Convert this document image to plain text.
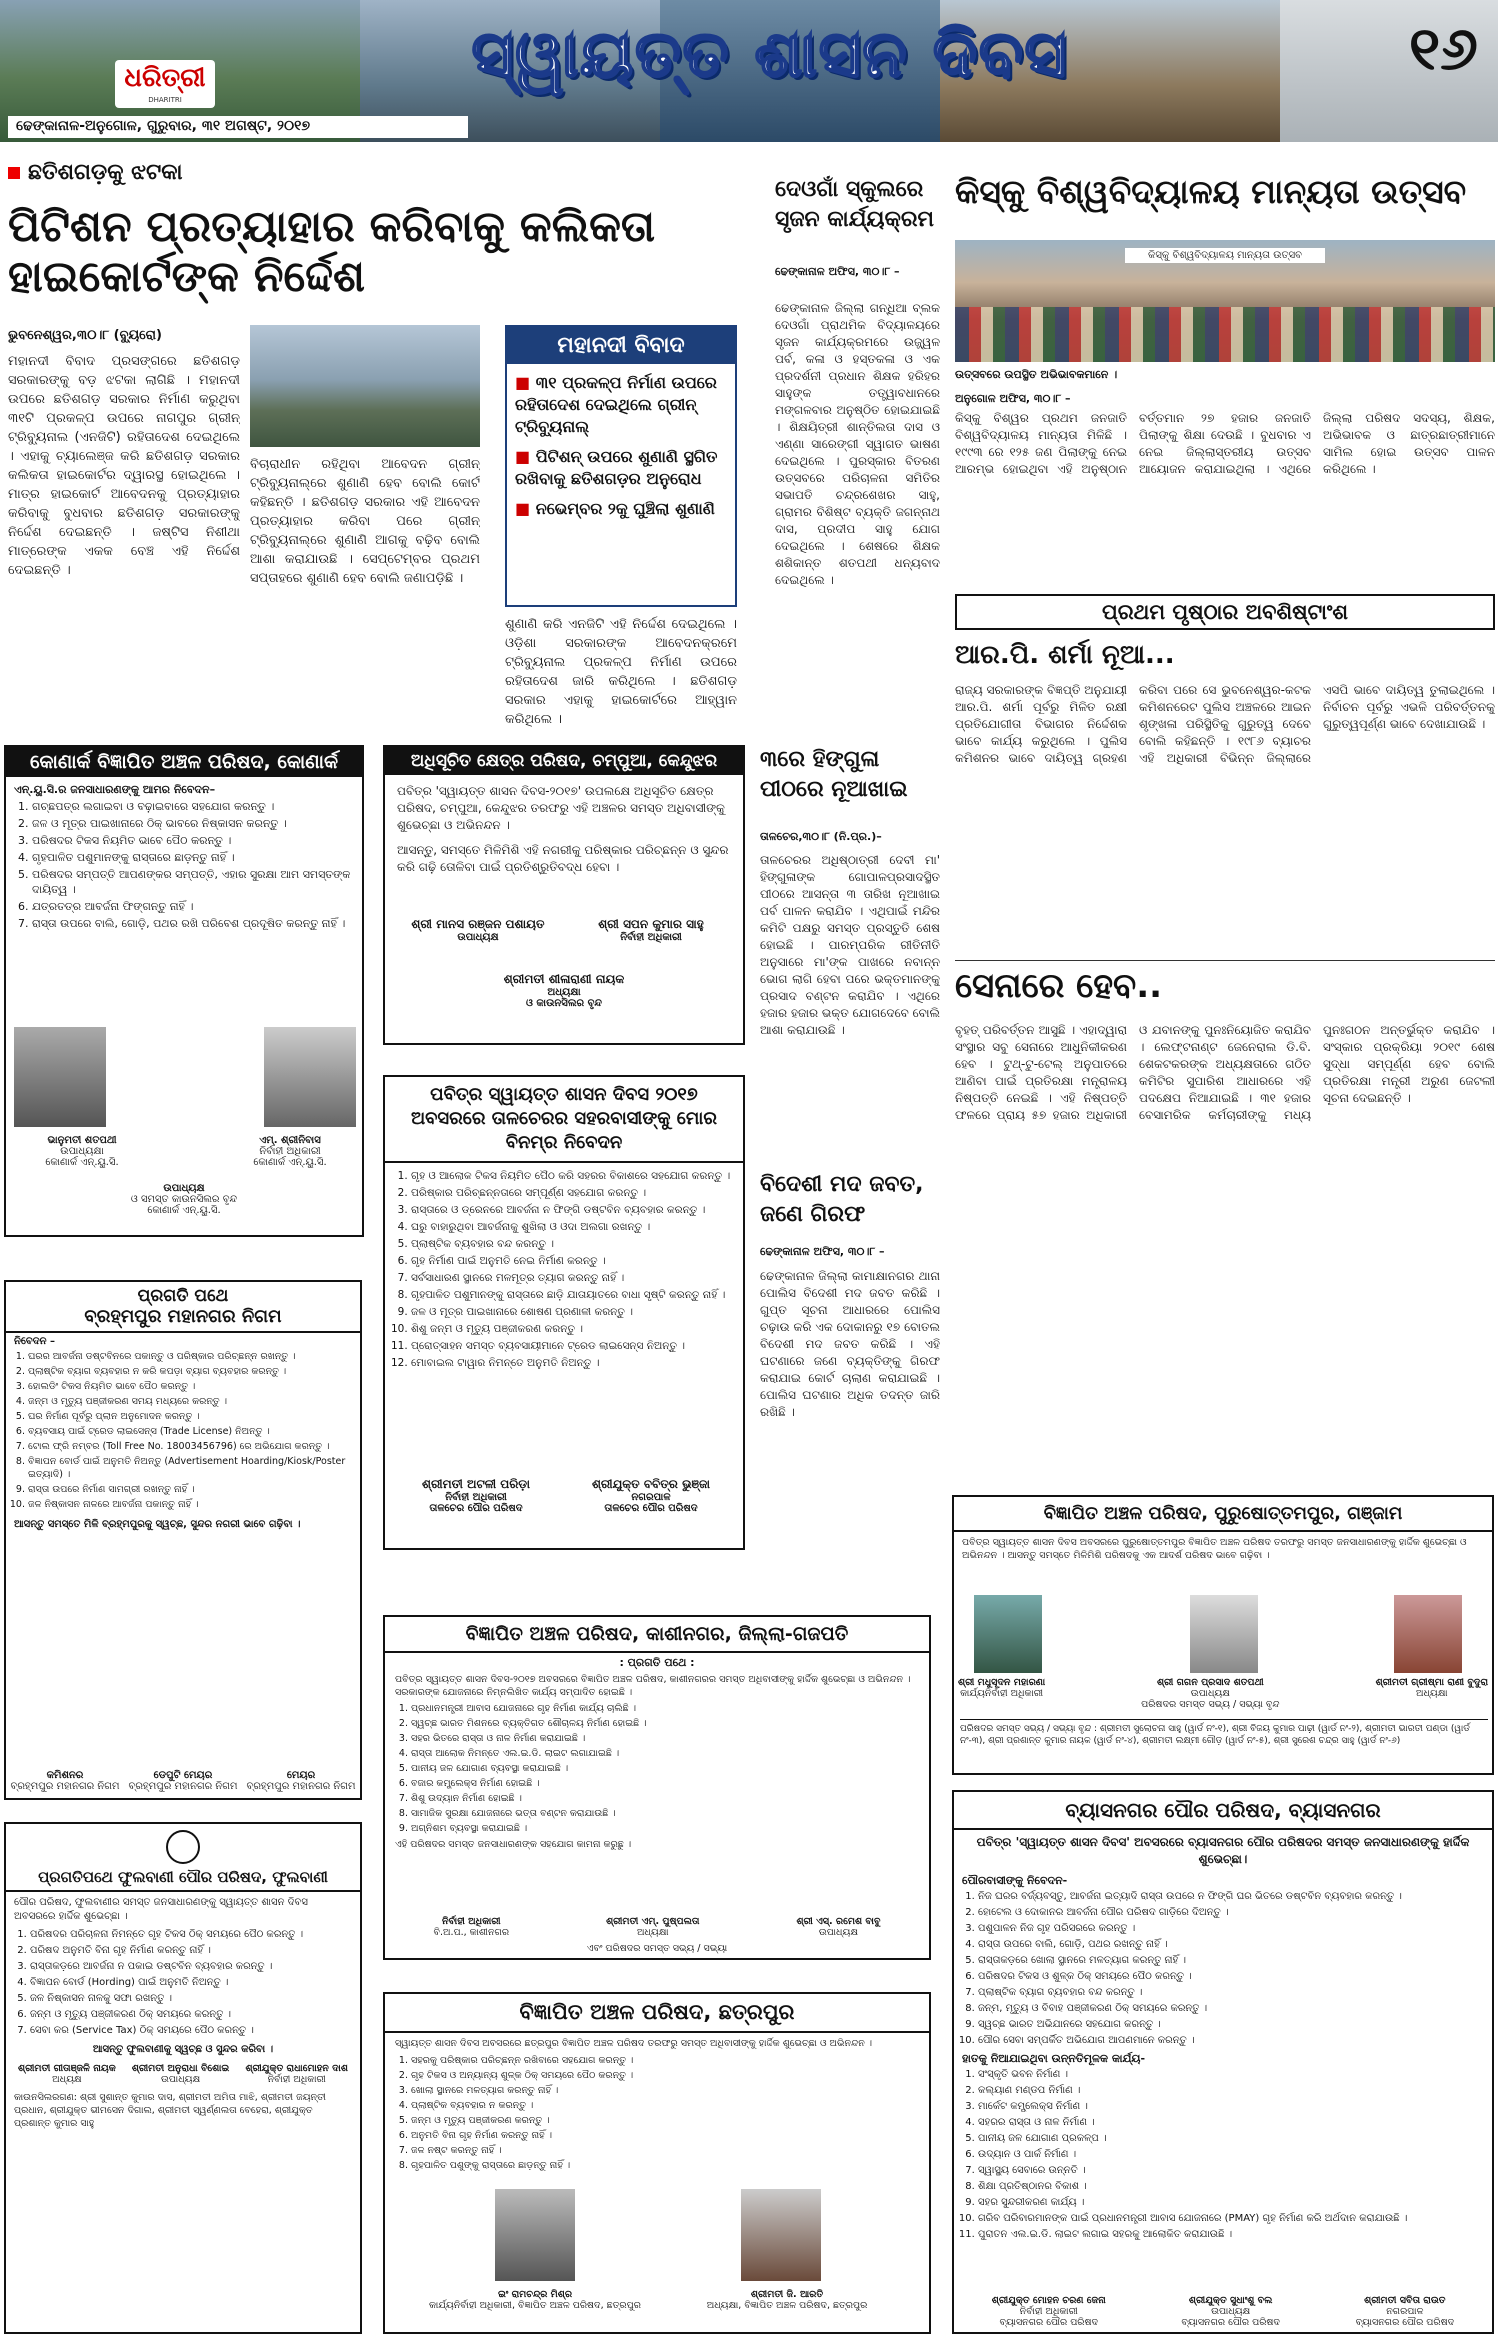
ଧରିତ୍ରୀ
DHARITRI
ସ୍ୱାୟତ୍ତ ଶାସନ ଦିବସ	୧୬
ଢେଙ୍କାନାଳ-ଅନୁଗୋଳ, ଗୁରୁବାର, ୩୧ ଅଗଷ୍ଟ, ୨୦୧୭
ଛତିଶଗଡ଼କୁ ଝଟକା
ପିଟିଶନ ପ୍ରତ୍ୟାହାର କରିବାକୁ କଲିକତା ହାଇକୋର୍ଟଙ୍କ ନିର୍ଦ୍ଦେଶ
ଭୁବନେଶ୍ୱର,୩୦।୮ (ବ୍ୟୁରୋ)
ମହାନଦୀ ବିବାଦ ପ୍ରସଙ୍ଗରେ ଛତିଶଗଡ଼ ସରକାରଙ୍କୁ ବଡ଼ ଝଟକା ଲାଗିଛି । ମହାନଦୀ ଉପରେ ଛତିଶଗଡ଼ ସରକାର ନିର୍ମାଣ କରୁଥିବା ୩୧ଟି ପ୍ରକଳ୍ପ ଉପରେ ନାଗପୁର ଗ୍ରୀନ୍ ଟ୍ରିବ୍ୟୁନାଲ (ଏନଜିଟି) ରହିତାଦେଶ ଦେଇଥିଲେ । ଏହାକୁ ଚ୍ୟାଲେଞ୍ଜ କରି ଛତିଶଗଡ଼ ସରକାର କଲିକତା ହାଇକୋର୍ଟର ଦ୍ୱାରସ୍ଥ ହୋଇଥିଲେ । ମାତ୍ର ହାଇକୋର୍ଟ ଆବେଦନକୁ ପ୍ରତ୍ୟାହାର କରିବାକୁ ବୁଧବାର ଛତିଶଗଡ଼ ସରକାରଙ୍କୁ ନିର୍ଦ୍ଦେଶ ଦେଇଛନ୍ତି । ଜଷ୍ଟିସ ନିଶୀଥା ମାତ୍ରେଙ୍କ ଏକକ ବେଞ୍ଚ ଏହି ନିର୍ଦ୍ଦେଶ ଦେଇଛନ୍ତି ।
ବିଚାରାଧୀନ ରହିଥିବା ଆବେଦନ ଗ୍ରୀନ୍ ଟ୍ରିବ୍ୟୁନାଲ୍‌ରେ ଶୁଣାଣି ହେବ ବୋଲି କୋର୍ଟ କହିଛନ୍ତି । ଛତିଶଗଡ଼ ସରକାର ଏହି ଆବେଦନ ପ୍ରତ୍ୟାହାର କରିବା ପରେ ଗ୍ରୀନ୍ ଟ୍ରିବ୍ୟୁନାଲ୍‌ରେ ଶୁଣାଣି ଆଗକୁ ବଢ଼ିବ ବୋଲି ଆଶା କରାଯାଉଛି । ସେପ୍ଟେମ୍ବର ପ୍ରଥମ ସପ୍ତାହରେ ଶୁଣାଣି ହେବ ବୋଲି ଜଣାପଡ଼ିଛି ।
ମହାନଦୀ ବିବାଦ
■ ୩୧ ପ୍ରକଳ୍ପ ନିର୍ମାଣ ଉପରେ ରହିତାଦେଶ ଦେଇଥିଲେ ଗ୍ରୀନ୍ ଟ୍ରିବ୍ୟୁନାଲ୍
■ ପିଟିଶନ୍ ଉପରେ ଶୁଣାଣି ସ୍ଥଗିତ ରଖିବାକୁ ଛତିଶଗଡ଼ର ଅନୁରୋଧ
■ ନଭେମ୍ବର ୨କୁ ଘୁଞ୍ଚିଲା ଶୁଣାଣି
ଶୁଣାଣି କରି ଏନଜିଟି ଏହି ନିର୍ଦ୍ଦେଶ ଦେଇଥିଲେ । ଓଡ଼ିଶା ସରକାରଙ୍କ ଆବେଦନକ୍ରମେ ଟ୍ରିବ୍ୟୁନାଲ ପ୍ରକଳ୍ପ ନିର୍ମାଣ ଉପରେ ରହିତାଦେଶ ଜାରି କରିଥିଲେ । ଛତିଶଗଡ଼ ସରକାର ଏହାକୁ ହାଇକୋର୍ଟରେ ଆହ୍ୱାନ କରିଥିଲେ ।
ଦେଓଗାଁ ସ୍କୁଲରେ ସୃଜନ କାର୍ଯ୍ୟକ୍ରମ
ଢେଙ୍କାନାଳ ଅଫିସ, ୩୦।୮ –
ଢେଙ୍କାନାଳ ଜିଲ୍ଲା ଗନ୍ଧିଆ ବ୍ଲକ ଦେଓଗାଁ ପ୍ରାଥମିକ ବିଦ୍ୟାଳୟରେ ସୃଜନ କାର୍ଯ୍ୟକ୍ରମରେ ଉଜ୍ଜ୍ୱଳ ପର୍ବ, କଳା ଓ ହସ୍ତକଳା ଓ ଏକ ପ୍ରଦର୍ଶନୀ ପ୍ରଧାନ ଶିକ୍ଷକ ହରିହର ସାହୁଙ୍କ ତତ୍ତ୍ୱାବଧାନରେ ମଙ୍ଗଳବାର ଅନୁଷ୍ଠିତ ହୋଇଯାଇଛି । ଶିକ୍ଷୟିତ୍ରୀ ଶାନ୍ତିଲତା ଦାସ ଓ ଏଣ୍ଣା ସାରେଙ୍ଗୀ ସ୍ୱାଗତ ଭାଷଣ ଦେଇଥିଲେ । ପୁରସ୍କାର ବିତରଣ ଉତ୍ସବରେ ପରିଚାଳନା ସମିତିର ସଭାପତି ଚନ୍ଦ୍ରଶେଖର ସାହୁ, ଗ୍ରାମର ବିଶିଷ୍ଟ ବ୍ୟକ୍ତି ଜଗନ୍ନାଥ ଦାସ, ପ୍ରଦୀପ ସାହୁ ଯୋଗ ଦେଇଥିଲେ । ଶେଷରେ ଶିକ୍ଷକ ଶଶିକାନ୍ତ ଶତପଥୀ ଧନ୍ୟବାଦ ଦେଇଥିଲେ ।
କିସ୍‌କୁ ବିଶ୍ୱବିଦ୍ୟାଳୟ ମାନ୍ୟତା ଉତ୍ସବ
କିସ୍‌କୁ ବିଶ୍ୱବିଦ୍ୟାଳୟ ମାନ୍ୟତା ଉତ୍ସବ
ଉତ୍ସବରେ ଉପସ୍ଥିତ ଅଭିଭାବକମାନେ ।
ଅନୁଗୋଳ ଅଫିସ, ୩୦।୮ –
କିସ୍‌କୁ ବିଶ୍ୱର ପ୍ରଥମ ଜନଜାତି ବିଶ୍ୱବିଦ୍ୟାଳୟ ମାନ୍ୟତା ମିଳିଛି । ୧୯୯୩ ରେ ୧୨୫ ଜଣ ପିଲାଙ୍କୁ ନେଇ ଆରମ୍ଭ ହୋଇଥିବା ଏହି ଅନୁଷ୍ଠାନ ବର୍ତ୍ତମାନ ୨୭ ହଜାର ଜନଜାତି ପିଲାଙ୍କୁ ଶିକ୍ଷା ଦେଉଛି । ବୁଧବାର ଏ ନେଇ ଜିଲ୍ଲାସ୍ତରୀୟ ଉତ୍ସବ ଆୟୋଜନ କରାଯାଇଥିଲା । ଏଥିରେ ଜିଲ୍ଲା ପରିଷଦ ସଦସ୍ୟ, ଶିକ୍ଷକ, ଅଭିଭାବକ ଓ ଛାତ୍ରଛାତ୍ରୀମାନେ ସାମିଲ ହୋଇ ଉତ୍ସବ ପାଳନ କରିଥିଲେ ।
ପ୍ରଥମ ପୃଷ୍ଠାର ଅବଶିଷ୍ଟାଂଶ
ଆର.ପି. ଶର୍ମା ନୂଆ...
ରାଜ୍ୟ ସରକାରଙ୍କ ବିଜ୍ଞପ୍ତି ଅନୁଯାୟୀ ଆର.ପି. ଶର୍ମା ପୂର୍ବରୁ ମିଳିତ ରକ୍ଷୀ ପ୍ରତିଯୋଗୀତା ବିଭାଗର ନିର୍ଦ୍ଦେଶକ ଭାବେ କାର୍ଯ୍ୟ କରୁଥିଲେ । ପୁଲିସ କମିଶନର ଭାବେ ଦାୟିତ୍ୱ ଗ୍ରହଣ କରିବା ପରେ ସେ ଭୁବନେଶ୍ୱର-କଟକ କମିଶନରେଟ ପୁଲିସ ଅଞ୍ଚଳରେ ଆଇନ ଶୃଙ୍ଖଳା ପରିସ୍ଥିତିକୁ ଗୁରୁତ୍ୱ ଦେବେ ବୋଲି କହିଛନ୍ତି । ୧୯୮୬ ବ୍ୟାଚର ଏହି ଅଧିକାରୀ ବିଭିନ୍ନ ଜିଲ୍ଲାରେ ଏସପି ଭାବେ ଦାୟିତ୍ୱ ତୁଲାଇଥିଲେ । ନିର୍ବାଚନ ପୂର୍ବରୁ ଏଭଳି ପରିବର୍ତ୍ତନକୁ ଗୁରୁତ୍ୱପୂର୍ଣ୍ଣ ଭାବେ ଦେଖାଯାଉଛି ।
ସେନାରେ ହେବ..
ବୃହତ୍ ପରିବର୍ତ୍ତନ ଆସୁଛି । ଏହାଦ୍ୱାରା ସଂସ୍ଥାର ସବୁ ସେନାରେ ଆଧୁନିକୀକରଣ ହେବ । ଟୁଥ୍-ଟୁ-ଟେଲ୍ ଅନୁପାତରେ ଆଣିବା ପାଇଁ ପ୍ରତିରକ୍ଷା ମନ୍ତ୍ରାଳୟ ନିଷ୍ପତ୍ତି ନେଇଛି । ଏହି ନିଷ୍ପତ୍ତି ଫଳରେ ପ୍ରାୟ ୫୭ ହଜାର ଅଧିକାରୀ ଓ ଯବାନଙ୍କୁ ପୁନଃନିୟୋଜିତ କରାଯିବ । ଲେଫ୍ଟନାଣ୍ଟ ଜେନେରାଲ ଡି.ବି. ଶେକଟକରଙ୍କ ଅଧ୍ୟକ୍ଷତାରେ ଗଠିତ କମିଟିର ସୁପାରିଶ ଆଧାରରେ ଏହି ପଦକ୍ଷେପ ନିଆଯାଇଛି । ୩୧ ହଜାର ବେସାମରିକ କର୍ମଚାରୀଙ୍କୁ ମଧ୍ୟ ପୁନଃଗଠନ ଅନ୍ତର୍ଭୁକ୍ତ କରାଯିବ । ସଂସ୍କାର ପ୍ରକ୍ରିୟା ୨୦୧୯ ଶେଷ ସୁଦ୍ଧା ସମ୍ପୂର୍ଣ୍ଣ ହେବ ବୋଲି ପ୍ରତିରକ୍ଷା ମନ୍ତ୍ରୀ ଅରୁଣ ଜେଟଲୀ ସୂଚନା ଦେଇଛନ୍ତି ।
କୋଣାର୍କ ବିଜ୍ଞାପିତ ଅଞ୍ଚଳ ପରିଷଦ, କୋଣାର୍କ
ଏନ୍.ୟୁ.ସି.ର ଜନସାଧାରଣଙ୍କୁ ଆମର ନିବେଦନ–
1. ଗଚ୍ଛପତ୍ର ଲଗାଇବା ଓ ବଢ଼ାଇବାରେ ସହଯୋଗ କରନ୍ତୁ ।
2. ଜଳ ଓ ମୂତ୍ର ପାଇଖାନାରେ ଠିକ୍ ଭାବରେ ନିଷ୍କାସନ କରନ୍ତୁ ।
3. ପରିଷଦର ଟିକସ ନିୟମିତ ଭାବେ ପୈଠ କରନ୍ତୁ ।
4. ଗୃହପାଳିତ ପଶୁମାନଙ୍କୁ ରାସ୍ତାରେ ଛାଡ଼ନ୍ତୁ ନାହିଁ ।
5. ପରିଷଦର ସମ୍ପତ୍ତି ଆପଣଙ୍କର ସମ୍ପତ୍ତି, ଏହାର ସୁରକ୍ଷା ଆମ ସମସ୍ତଙ୍କ ଦାୟିତ୍ୱ ।
6. ଯତ୍ରତତ୍ର ଆବର୍ଜନା ଫିଙ୍ଗନ୍ତୁ ନାହିଁ ।
7. ରାସ୍ତା ଉପରେ ବାଲି, ଗୋଡ଼ି, ପଥର ରଖି ପରିବେଶ ପ୍ରଦୂଷିତ କରନ୍ତୁ ନାହିଁ ।
ଭାନୁମତୀ ଶତପଥୀ
ଉପାଧ୍ୟକ୍ଷା
କୋଣାର୍କ ଏନ୍.ୟୁ.ସି.
ଏମ୍. ଶ୍ରୀନିବାସ
ନିର୍ବାହୀ ଅଧିକାରୀ
କୋଣାର୍କ ଏନ୍.ୟୁ.ସି.
ଉପାଧ୍ୟକ୍ଷ
ଓ ସମସ୍ତ କାଉନସିଲର ବୃନ୍ଦ
କୋଣାର୍କ ଏନ୍.ୟୁ.ସି.
ଅଧିସୂଚିତ କ୍ଷେତ୍ର ପରିଷଦ, ଚମ୍ପୁଆ, କେନ୍ଦୁଝର
ପବିତ୍ର 'ସ୍ୱାୟତ୍ତ ଶାସନ ଦିବସ-୨୦୧୭' ଉପଲକ୍ଷେ ଅଧିସୂଚିତ କ୍ଷେତ୍ର ପରିଷଦ, ଚମ୍ପୁଆ, କେନ୍ଦୁଝର ତରଫରୁ ଏହି ଅଞ୍ଚଳର ସମସ୍ତ ଅଧିବାସୀଙ୍କୁ ଶୁଭେଚ୍ଛା ଓ ଅଭିନନ୍ଦନ ।
ଆସନ୍ତୁ, ସମସ୍ତେ ମିଳିମିଶି ଏହି ନଗରୀକୁ ପରିଷ୍କାର ପରିଚ୍ଛନ୍ନ ଓ ସୁନ୍ଦର କରି ଗଢ଼ି ତୋଳିବା ପାଇଁ ପ୍ରତିଶ୍ରୁତିବଦ୍ଧ ହେବା ।
ଶ୍ରୀ ମାନସ ରଞ୍ଜନ ପଶାୟତ
ଉପାଧ୍ୟକ୍ଷ
ଶ୍ରୀ ସପନ କୁମାର ସାହୁ
ନିର୍ବାହୀ ଅଧିକାରୀ
ଶ୍ରୀମତୀ ଶୀଳାରାଣୀ ନାୟକ
ଅଧ୍ୟକ୍ଷା
ଓ କାଉନସିଲର ବୃନ୍ଦ
ପବିତ୍ର ସ୍ୱାୟତ୍ତ ଶାସନ ଦିବସ ୨୦୧୭ ଅବସରରେ ତାଳଚେରର ସହରବାସୀଙ୍କୁ ମୋର ବିନମ୍ର ନିବେଦନ
1. ଗୃହ ଓ ଆଲୋକ ଟିକସ ନିୟମିତ ପୈଠ କରି ସହରର ବିକାଶରେ ସହଯୋଗ କରନ୍ତୁ ।
2. ପରିଷ୍କାର ପରିଚ୍ଛନ୍ନତାରେ ସମ୍ପୂର୍ଣ୍ଣ ସହଯୋଗ କରନ୍ତୁ ।
3. ରାସ୍ତାରେ ଓ ଡ୍ରେନରେ ଆବର୍ଜନା ନ ଫିଙ୍ଗି ଡଷ୍ଟବିନ ବ୍ୟବହାର କରନ୍ତୁ ।
4. ଘରୁ ବାହାରୁଥିବା ଆବର୍ଜନାକୁ ଶୁଖିଲା ଓ ଓଦା ଅଲଗା ରଖନ୍ତୁ ।
5. ପ୍ଲାଷ୍ଟିକ ବ୍ୟବହାର ବନ୍ଦ କରନ୍ତୁ ।
6. ଗୃହ ନିର୍ମାଣ ପାଇଁ ଅନୁମତି ନେଇ ନିର୍ମାଣ କରନ୍ତୁ ।
7. ସର୍ବସାଧାରଣ ସ୍ଥାନରେ ମଳମୂତ୍ର ତ୍ୟାଗ କରନ୍ତୁ ନାହିଁ ।
8. ଗୃହପାଳିତ ପଶୁମାନଙ୍କୁ ରାସ୍ତାରେ ଛାଡ଼ି ଯାତାୟାତରେ ବାଧା ସୃଷ୍ଟି କରନ୍ତୁ ନାହିଁ ।
9. ଜଳ ଓ ମୂତ୍ର ପାଇଖାନାରେ ଶୋଷଣ ପ୍ରଣାଳୀ କରନ୍ତୁ ।
10. ଶିଶୁ ଜନ୍ମ ଓ ମୃତ୍ୟୁ ପଞ୍ଜୀକରଣ କରନ୍ତୁ ।
11. ପ୍ରୋତ୍ସାହନ ସମସ୍ତ ବ୍ୟବସାୟୀମାନେ ଟ୍ରେଡ ଲାଇସେନ୍ସ ନିଅନ୍ତୁ ।
12. ମୋବାଇଲ ଟାୱାର ନିମନ୍ତେ ଅନୁମତି ନିଅନ୍ତୁ ।
ଶ୍ରୀମତୀ ଅଟଳୀ ପରିଡ଼ା
ନିର୍ବାହୀ ଅଧିକାରୀ
ତାଳଚେର ପୌର ପରିଷଦ
ଶ୍ରୀଯୁକ୍ତ ବବିତ୍ର ଭୁଞ୍ଜା
ନଗରପାଳ
ତାଳଚେର ପୌର ପରିଷଦ
୩ରେ ହିଙ୍ଗୁଳା ପୀଠରେ ନୂଆଖାଇ
ତାଳଚେର,୩୦।୮ (ନି.ପ୍ର.)–
ତାଳଚେରର ଅଧିଷ୍ଠାତ୍ରୀ ଦେବୀ ମା' ହିଙ୍ଗୁଳାଙ୍କ ଗୋପାଳପ୍ରସାଦସ୍ଥିତ ପୀଠରେ ଆସନ୍ତା ୩ ତାରିଖ ନୂଆଖାଇ ପର୍ବ ପାଳନ କରାଯିବ । ଏଥିପାଇଁ ମନ୍ଦିର କମିଟି ପକ୍ଷରୁ ସମସ୍ତ ପ୍ରସ୍ତୁତି ଶେଷ ହୋଇଛି । ପାରମ୍ପରିକ ରୀତିନୀତି ଅନୁସାରେ ମା'ଙ୍କ ପାଖରେ ନବାନ୍ନ ଭୋଗ ଲାଗି ହେବା ପରେ ଭକ୍ତମାନଙ୍କୁ ପ୍ରସାଦ ବଣ୍ଟନ କରାଯିବ । ଏଥିରେ ହଜାର ହଜାର ଭକ୍ତ ଯୋଗଦେବେ ବୋଲି ଆଶା କରାଯାଉଛି ।
ବିଦେଶୀ ମଦ ଜବତ, ଜଣେ ଗିରଫ
ଢେଙ୍କାନାଳ ଅଫିସ, ୩୦।୮ –
ଢେଙ୍କାନାଳ ଜିଲ୍ଲା କାମାକ୍ଷାନଗର ଥାନା ପୋଲିସ ବିଦେଶୀ ମଦ ଜବତ କରିଛି । ଗୁପ୍ତ ସୂଚନା ଆଧାରରେ ପୋଲିସ ଚଢ଼ାଉ କରି ଏକ ଦୋକାନରୁ ୧୭ ବୋତଲ ବିଦେଶୀ ମଦ ଜବତ କରିଛି । ଏହି ଘଟଣାରେ ଜଣେ ବ୍ୟକ୍ତିଙ୍କୁ ଗିରଫ କରାଯାଇ କୋର୍ଟ ଚାଲାଣ କରାଯାଇଛି । ପୋଲିସ ଘଟଣାର ଅଧିକ ତଦନ୍ତ ଜାରି ରଖିଛି ।
ପ୍ରଗତି ପଥେ
ବ୍ରହ୍ମପୁର ମହାନଗର ନିଗମ
ନିବେଦନ –
1. ଘରର ଆବର୍ଜନା ଡଷ୍ଟବିନରେ ପକାନ୍ତୁ ଓ ପରିଷ୍କାର ପରିଚ୍ଛନ୍ନ ରଖନ୍ତୁ ।
2. ପ୍ଲାଷ୍ଟିକ ବ୍ୟାଗ ବ୍ୟବହାର ନ କରି କପଡ଼ା ବ୍ୟାଗ ବ୍ୟବହାର କରନ୍ତୁ ।
3. ହୋଲଡିଂ ଟିକସ ନିୟମିତ ଭାବେ ପୈଠ କରନ୍ତୁ ।
4. ଜନ୍ମ ଓ ମୃତ୍ୟୁ ପଞ୍ଜୀକରଣ ସମୟ ମଧ୍ୟରେ କରନ୍ତୁ ।
5. ଘର ନିର୍ମାଣ ପୂର୍ବରୁ ପ୍ଲାନ ଅନୁମୋଦନ କରନ୍ତୁ ।
6. ବ୍ୟବସାୟ ପାଇଁ ଟ୍ରେଡ ଲାଇସେନ୍ସ (Trade License) ନିଅନ୍ତୁ ।
7. ଟୋଲ ଫ୍ରି ନମ୍ବର (Toll Free No. 18003456796) ରେ ଅଭିଯୋଗ କରନ୍ତୁ ।
8. ବିଜ୍ଞାପନ ବୋର୍ଡ ପାଇଁ ଅନୁମତି ନିଅନ୍ତୁ (Advertisement Hoarding/Kiosk/Poster ଇତ୍ୟାଦି) ।
9. ରାସ୍ତା ଉପରେ ନିର୍ମାଣ ସାମଗ୍ରୀ ରଖନ୍ତୁ ନାହିଁ ।
10. ଜଳ ନିଷ୍କାସନ ନାଳରେ ଆବର୍ଜନା ପକାନ୍ତୁ ନାହିଁ ।
ଆସନ୍ତୁ ସମସ୍ତେ ମିଳି ବ୍ରହ୍ମପୁରକୁ ସ୍ୱଚ୍ଛ, ସୁନ୍ଦର ନଗରୀ ଭାବେ ଗଢ଼ିବା ।
କମିଶନର
ବ୍ରହ୍ମପୁର ମହାନଗର ନିଗମ
ଡେପୁଟି ମେୟର
ବ୍ରହ୍ମପୁର ମହାନଗର ନିଗମ
ମେୟର
ବ୍ରହ୍ମପୁର ମହାନଗର ନିଗମ
ପ୍ରଗତିପଥେ ଫୁଲବାଣୀ ପୌର ପରିଷଦ, ଫୁଲବାଣୀ
ପୌର ପରିଷଦ, ଫୁଲବାଣୀର ସମସ୍ତ ଜନସାଧାରଣଙ୍କୁ ସ୍ୱାୟତ୍ତ ଶାସନ ଦିବସ ଅବସରରେ ହାର୍ଦ୍ଦିକ ଶୁଭେଚ୍ଛା ।
1. ପରିଷଦର ପରିଚାଳନା ନିମନ୍ତେ ଗୃହ ଟିକସ ଠିକ୍ ସମୟରେ ପୈଠ କରନ୍ତୁ ।
2. ପରିଷଦ ଅନୁମତି ବିନା ଗୃହ ନିର୍ମାଣ କରନ୍ତୁ ନାହିଁ ।
3. ରାସ୍ତାକଡ଼ରେ ଆବର୍ଜନା ନ ପକାଇ ଡଷ୍ଟବିନ ବ୍ୟବହାର କରନ୍ତୁ ।
4. ବିଜ୍ଞାପନ ବୋର୍ଡ (Hording) ପାଇଁ ଅନୁମତି ନିଅନ୍ତୁ ।
5. ଜଳ ନିଷ୍କାସନ ନାଳକୁ ସଫା ରଖନ୍ତୁ ।
6. ଜନ୍ମ ଓ ମୃତ୍ୟୁ ପଞ୍ଜୀକରଣ ଠିକ୍ ସମୟରେ କରନ୍ତୁ ।
7. ସେବା କର (Service Tax) ଠିକ୍ ସମୟରେ ପୈଠ କରନ୍ତୁ ।
ଆସନ୍ତୁ ଫୁଲବାଣୀକୁ ସ୍ୱଚ୍ଛ ଓ ସୁନ୍ଦର କରିବା ।
ଶ୍ରୀମତୀ ଗୀତାଞ୍ଜଳି ନାୟକ
ଅଧ୍ୟକ୍ଷ
ଶ୍ରୀମତୀ ଅନୁରାଧା ବିଶୋଇ
ଉପାଧ୍ୟକ୍ଷ
ଶ୍ରୀଯୁକ୍ତ ରାଧାମୋହନ ଦାଶ
ନିର୍ବାହୀ ଅଧିକାରୀ
କାଉନସିଲରଗଣ: ଶ୍ରୀ ସୁଶାନ୍ତ କୁମାର ଦାସ, ଶ୍ରୀମତୀ ଅମିତା ମାଝି, ଶ୍ରୀମତୀ ଜୟନ୍ତୀ ପ୍ରଧାନ, ଶ୍ରୀଯୁକ୍ତ ଭୀମସେନ ଦିଗାଲ, ଶ୍ରୀମତୀ ସ୍ୱର୍ଣ୍ଣଲତା ବେହେରା, ଶ୍ରୀଯୁକ୍ତ ପ୍ରଶାନ୍ତ କୁମାର ସାହୁ
ବିଜ୍ଞାପିତ ଅଞ୍ଚଳ ପରିଷଦ, କାଶୀନଗର, ଜିଲ୍ଲା-ଗଜପତି
: ପ୍ରଗତି ପଥେ :
ପବିତ୍ର ସ୍ୱାୟତ୍ତ ଶାସନ ଦିବସ-୨୦୧୭ ଅବସରରେ ବିଜ୍ଞାପିତ ଅଞ୍ଚଳ ପରିଷଦ, କାଶୀନଗରର ସମସ୍ତ ଅଧିବାସୀଙ୍କୁ ହାର୍ଦ୍ଦିକ ଶୁଭେଚ୍ଛା ଓ ଅଭିନନ୍ଦନ । ସରକାରଙ୍କ ଯୋଜନାରେ ନିମ୍ନଲିଖିତ କାର୍ଯ୍ୟ ସମ୍ପାଦିତ ହୋଇଛି ।
1. ପ୍ରଧାନମନ୍ତ୍ରୀ ଆବାସ ଯୋଜନାରେ ଗୃହ ନିର୍ମାଣ କାର୍ଯ୍ୟ ଚାଲିଛି ।
2. ସ୍ୱଚ୍ଛ ଭାରତ ମିଶନରେ ବ୍ୟକ୍ତିଗତ ଶୌଚାଳୟ ନିର୍ମାଣ ହୋଇଛି ।
3. ସହର ଭିତରେ ରାସ୍ତା ଓ ନାଳ ନିର୍ମାଣ କରାଯାଇଛି ।
4. ରାସ୍ତା ଆଲୋକ ନିମନ୍ତେ ଏଲ.ଇ.ଡି. ଲାଇଟ ଲଗାଯାଇଛି ।
5. ପାନୀୟ ଜଳ ଯୋଗାଣ ବ୍ୟବସ୍ଥା କରାଯାଇଛି ।
6. ବଜାର କମ୍ପ୍ଲେକ୍ସ ନିର୍ମାଣ ହୋଇଛି ।
7. ଶିଶୁ ଉଦ୍ୟାନ ନିର୍ମାଣ ହୋଇଛି ।
8. ସାମାଜିକ ସୁରକ୍ଷା ଯୋଜନାରେ ଭତ୍ତା ବଣ୍ଟନ କରାଯାଉଛି ।
9. ଅଗ୍ନିଶମ ବ୍ୟବସ୍ଥା କରାଯାଇଛି ।
ଏହି ପରିଷଦର ସମସ୍ତ ଜନସାଧାରଣଙ୍କ ସହଯୋଗ କାମନା କରୁଛୁ ।
ନିର୍ବାହୀ ଅଧିକାରୀ
ବି.ଅ.ପ., କାଶୀନଗର
ଶ୍ରୀମତୀ ଏମ୍. ପୁଷ୍ପଲତା
ଅଧ୍ୟକ୍ଷା
ଶ୍ରୀ ଏସ୍. ରମେଶ ବାବୁ
ଉପାଧ୍ୟକ୍ଷ
ଏବଂ ପରିଷଦର ସମସ୍ତ ସଭ୍ୟ / ସଭ୍ୟା
ବିଜ୍ଞାପିତ ଅଞ୍ଚଳ ପରିଷଦ, ଛତ୍ରପୁର
ସ୍ୱାୟତ୍ତ ଶାସନ ଦିବସ ଅବସରରେ ଛତ୍ରପୁର ବିଜ୍ଞାପିତ ଅଞ୍ଚଳ ପରିଷଦ ତରଫରୁ ସମସ୍ତ ଅଧିବାସୀଙ୍କୁ ହାର୍ଦ୍ଦିକ ଶୁଭେଚ୍ଛା ଓ ଅଭିନନ୍ଦନ ।
1. ସହରକୁ ପରିଷ୍କାର ପରିଚ୍ଛନ୍ନ ରଖିବାରେ ସହଯୋଗ କରନ୍ତୁ ।
2. ଗୃହ ଟିକସ ଓ ଅନ୍ୟାନ୍ୟ ଶୁଳ୍କ ଠିକ୍ ସମୟରେ ପୈଠ କରନ୍ତୁ ।
3. ଖୋଲା ସ୍ଥାନରେ ମଳତ୍ୟାଗ କରନ୍ତୁ ନାହିଁ ।
4. ପ୍ଲାଷ୍ଟିକ ବ୍ୟବହାର ନ କରନ୍ତୁ ।
5. ଜନ୍ମ ଓ ମୃତ୍ୟୁ ପଞ୍ଜୀକରଣ କରନ୍ତୁ ।
6. ଅନୁମତି ବିନା ଗୃହ ନିର୍ମାଣ କରନ୍ତୁ ନାହିଁ ।
7. ଜଳ ନଷ୍ଟ କରନ୍ତୁ ନାହିଁ ।
8. ଗୃହପାଳିତ ପଶୁଙ୍କୁ ରାସ୍ତାରେ ଛାଡ଼ନ୍ତୁ ନାହିଁ ।
ଇଂ ରାମଚନ୍ଦ୍ର ମିଶ୍ର
କାର୍ଯ୍ୟନିର୍ବାହୀ ଅଧିକାରୀ, ବିଜ୍ଞାପିତ ଅଞ୍ଚଳ ପରିଷଦ, ଛତ୍ରପୁର
ଶ୍ରୀମତୀ ଜି. ଆରତି
ଅଧ୍ୟକ୍ଷା, ବିଜ୍ଞାପିତ ଅଞ୍ଚଳ ପରିଷଦ, ଛତ୍ରପୁର
ବିଜ୍ଞାପିତ ଅଞ୍ଚଳ ପରିଷଦ, ପୁରୁଷୋତ୍ତମପୁର, ଗଞ୍ଜାମ
ପବିତ୍ର ସ୍ୱାୟତ୍ତ ଶାସନ ଦିବସ ଅବସରରେ ପୁରୁଷୋତ୍ତମପୁର ବିଜ୍ଞାପିତ ଅଞ୍ଚଳ ପରିଷଦ ତରଫରୁ ସମସ୍ତ ଜନସାଧାରଣଙ୍କୁ ହାର୍ଦ୍ଦିକ ଶୁଭେଚ୍ଛା ଓ ଅଭିନନ୍ଦନ । ଆସନ୍ତୁ ସମସ୍ତେ ମିଳିମିଶି ପରିଷଦକୁ ଏକ ଆଦର୍ଶ ପରିଷଦ ଭାବେ ଗଢ଼ିବା ।
ଶ୍ରୀ ମଧୁସୂଦନ ମହାରଣା
କାର୍ଯ୍ୟନିର୍ବାହୀ ଅଧିକାରୀ
ଶ୍ରୀ ଗଗନ ପ୍ରସାଦ ଶତପଥୀ
ଉପାଧ୍ୟକ୍ଷ
ପରିଷଦର ସମସ୍ତ ସଭ୍ୟ / ସଭ୍ୟା ବୃନ୍ଦ
ଶ୍ରୀମତୀ ଗ୍ରୀଷ୍ମା ରାଣୀ ବୁଦୁରା
ଅଧ୍ୟକ୍ଷା
ପରିଷଦର ସମସ୍ତ ସଭ୍ୟ / ସଭ୍ୟା ବୃନ୍ଦ : ଶ୍ରୀମତୀ ସୁଲୋଚନା ସାହୁ (ୱାର୍ଡ ନଂ-୧), ଶ୍ରୀ ବିଜୟ କୁମାର ପାଢ଼ୀ (ୱାର୍ଡ ନଂ-୨), ଶ୍ରୀମତୀ ଭାରତୀ ପଣ୍ଡା (ୱାର୍ଡ ନଂ-୩), ଶ୍ରୀ ପ୍ରଶାନ୍ତ କୁମାର ନାୟକ (ୱାର୍ଡ ନଂ-୪), ଶ୍ରୀମତୀ ଲକ୍ଷ୍ମୀ ଗୌଡ଼ (ୱାର୍ଡ ନଂ-୫), ଶ୍ରୀ ସୁରେଶ ଚନ୍ଦ୍ର ସାହୁ (ୱାର୍ଡ ନଂ-୬)
ବ୍ୟାସନଗର ପୌର ପରିଷଦ, ବ୍ୟାସନଗର
ପବିତ୍ର 'ସ୍ୱାୟତ୍ତ ଶାସନ ଦିବସ' ଅବସରରେ ବ୍ୟାସନଗର ପୌର ପରିଷଦର ସମସ୍ତ ଜନସାଧାରଣଙ୍କୁ ହାର୍ଦ୍ଦିକ ଶୁଭେଚ୍ଛା।
ପୌରବାସୀଙ୍କୁ ନିବେଦନ-
1. ନିଜ ଘରର ବର୍ଜ୍ୟବସ୍ତୁ, ଆବର୍ଜନା ଇତ୍ୟାଦି ରାସ୍ତା ଉପରେ ନ ଫିଙ୍ଗି ଘର ଭିତରେ ଡଷ୍ଟବିନ ବ୍ୟବହାର କରନ୍ତୁ ।
2. ହୋଟେଲ ଓ ଦୋକାନର ଆବର୍ଜନା ପୌର ପରିଷଦ ଗାଡ଼ିରେ ଦିଅନ୍ତୁ ।
3. ପଶୁପାଳନ ନିଜ ଗୃହ ପରିସରରେ କରନ୍ତୁ ।
4. ରାସ୍ତା ଉପରେ ବାଲି, ଗୋଡ଼ି, ପଥର ରଖନ୍ତୁ ନାହିଁ ।
5. ରାସ୍ତାକଡ଼ରେ ଖୋଲା ସ୍ଥାନରେ ମଳତ୍ୟାଗ କରନ୍ତୁ ନାହିଁ ।
6. ପରିଷଦର ଟିକସ ଓ ଶୁଳ୍କ ଠିକ୍ ସମୟରେ ପୈଠ କରନ୍ତୁ ।
7. ପ୍ଲାଷ୍ଟିକ ବ୍ୟାଗ ବ୍ୟବହାର ବନ୍ଦ କରନ୍ତୁ ।
8. ଜନ୍ମ, ମୃତ୍ୟୁ ଓ ବିବାହ ପଞ୍ଜୀକରଣ ଠିକ୍ ସମୟରେ କରନ୍ତୁ ।
9. ସ୍ୱଚ୍ଛ ଭାରତ ଅଭିଯାନରେ ସହଯୋଗ କରନ୍ତୁ ।
10. ପୌର ସେବା ସମ୍ପର୍କିତ ଅଭିଯୋଗ ଆପଣମାନେ କରନ୍ତୁ ।
ହାତକୁ ନିଆଯାଇଥିବା ଉନ୍ନତିମୂଳକ କାର୍ଯ୍ୟ-
1. ସଂସ୍କୃତି ଭବନ ନିର୍ମାଣ ।
2. କଲ୍ୟାଣ ମଣ୍ଡପ ନିର୍ମାଣ ।
3. ମାର୍କେଟ କମ୍ପ୍ଲେକ୍ସ ନିର୍ମାଣ ।
4. ସହରର ରାସ୍ତା ଓ ନାଳ ନିର୍ମାଣ ।
5. ପାନୀୟ ଜଳ ଯୋଗାଣ ପ୍ରକଳ୍ପ ।
6. ଉଦ୍ୟାନ ଓ ପାର୍କ ନିର୍ମାଣ ।
7. ସ୍ୱାସ୍ଥ୍ୟ ସେବାରେ ଉନ୍ନତି ।
8. ଶିକ୍ଷା ପ୍ରତିଷ୍ଠାନର ବିକାଶ ।
9. ସହର ସୁନ୍ଦରୀକରଣ କାର୍ଯ୍ୟ ।
10. ଗରିବ ପରିବାରମାନଙ୍କ ପାଇଁ ପ୍ରଧାନମନ୍ତ୍ରୀ ଆବାସ ଯୋଜନାରେ (PMAY) ଗୃହ ନିର୍ମାଣ କରି ଅର୍ଥଦାନ କରାଯାଉଛି ।
11. ପୁରାତନ ଏଲ.ଇ.ଡି. ଲାଇଟ ଲଗାଇ ସହରକୁ ଆଲୋକିତ କରାଯାଉଛି ।
ଶ୍ରୀଯୁକ୍ତ ମୋହନ ଚରଣ ଜେନା
ନିର୍ବାହୀ ଅଧିକାରୀ
ବ୍ୟାସନଗର ପୌର ପରିଷଦ
ଶ୍ରୀଯୁକ୍ତ ସୁଧାଂଶୁ ବଲ
ଉପାଧ୍ୟକ୍ଷ
ବ୍ୟାସନଗର ପୌର ପରିଷଦ
ଶ୍ରୀମତୀ ସବିତା ରାଉତ
ନଗରପାଳ
ବ୍ୟାସନଗର ପୌର ପରିଷଦ
